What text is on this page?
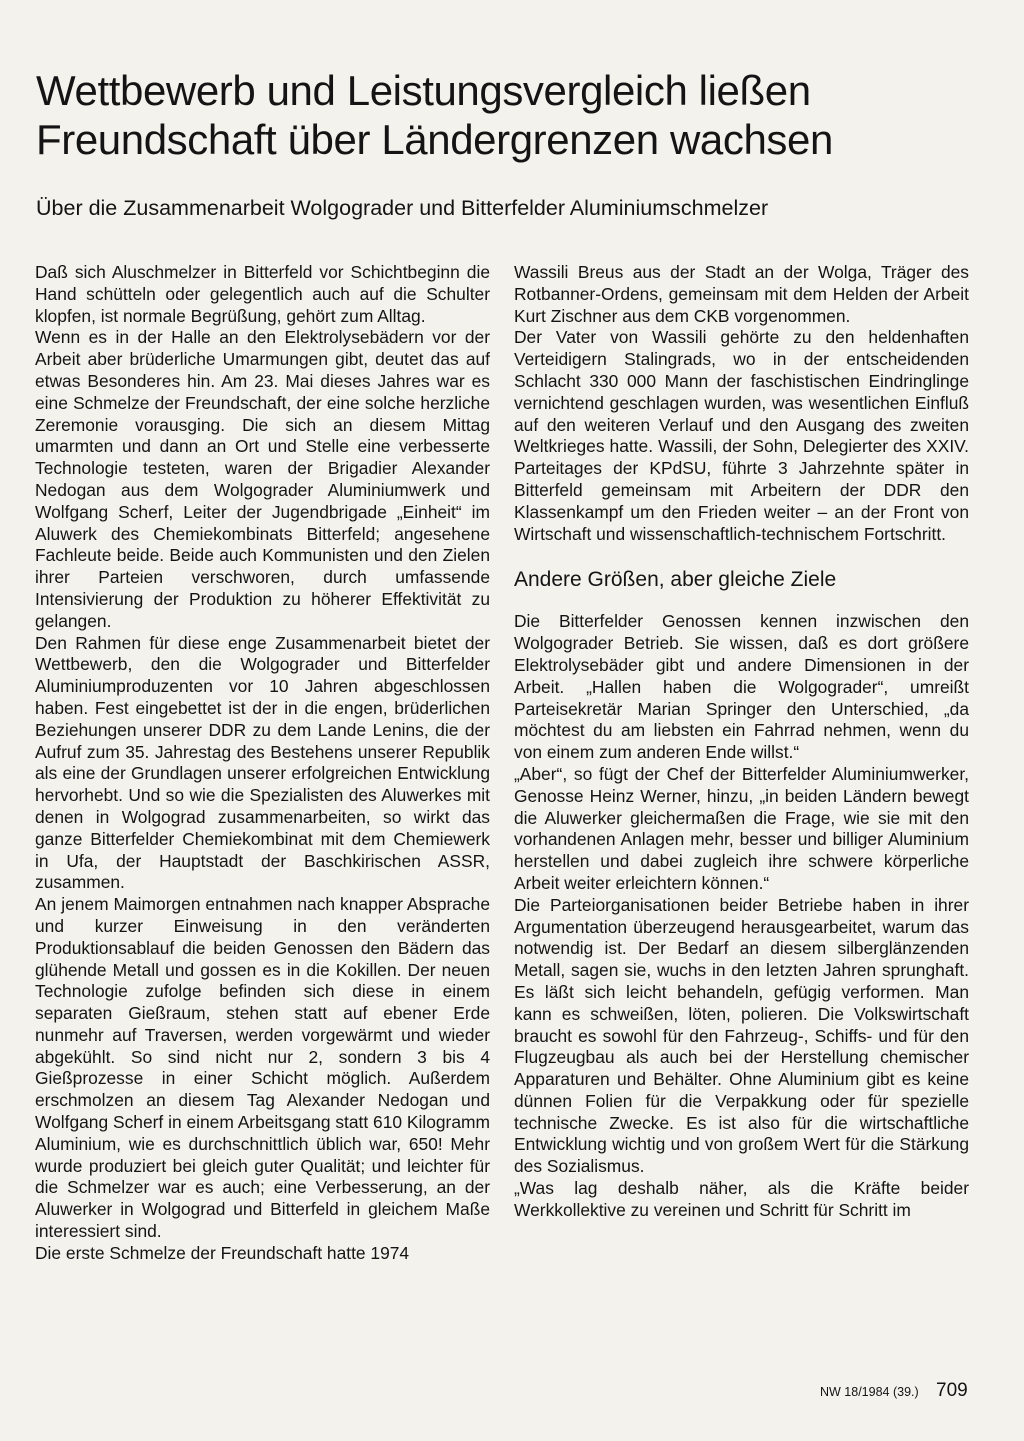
Wettbewerb und Leistungsvergleich ließen
Freundschaft über Ländergrenzen wachsen
Über die Zusammenarbeit Wolgograder und Bitterfelder Aluminiumschmelzer

Daß sich Aluschmelzer in Bitterfeld vor Schichtbeginn die Hand schütteln oder gelegentlich auch auf die Schulter klopfen, ist normale Begrüßung, gehört zum Alltag.

Wenn es in der Halle an den Elektrolysebädern vor der Arbeit aber brüderliche Umarmungen gibt, deutet das auf etwas Besonderes hin. Am 23. Mai dieses Jahres war es eine Schmelze der Freundschaft, der eine solche herzliche Zeremonie vorausging. Die sich an diesem Mittag umarmten und dann an Ort und Stelle eine verbesserte Technologie testeten, waren der Brigadier Alexander Nedogan aus dem Wolgograder Aluminiumwerk und Wolfgang Scherf, Leiter der Jugendbrigade „Einheit“ im Aluwerk des Chemiekombinats Bitterfeld; angesehene Fachleute beide. Beide auch Kommunisten und den Zielen ihrer Parteien verschworen, durch umfassende Intensivierung der Produktion zu höherer Effektivität zu gelangen.

Den Rahmen für diese enge Zusammenarbeit bietet der Wettbewerb, den die Wolgograder und Bitterfelder Aluminiumproduzenten vor 10 Jahren abgeschlossen haben. Fest eingebettet ist der in die engen, brüderlichen Beziehungen unserer DDR zu dem Lande Lenins, die der Aufruf zum 35. Jahrestag des Bestehens unserer Republik als eine der Grundlagen unserer erfolgreichen Entwicklung hervorhebt. Und so wie die Spezialisten des Aluwerkes mit denen in Wolgograd zusammenarbeiten, so wirkt das ganze Bitterfelder Chemiekombinat mit dem Chemiewerk in Ufa, der Hauptstadt der Baschkirischen ASSR, zusammen.

An jenem Maimorgen entnahmen nach knapper Absprache und kurzer Einweisung in den veränderten Produktionsablauf die beiden Genossen den Bädern das glühende Metall und gossen es in die Kokillen. Der neuen Technologie zufolge befinden sich diese in einem separaten Gießraum, stehen statt auf ebener Erde nunmehr auf Traversen, werden vorgewärmt und wieder abgekühlt. So sind nicht nur 2, sondern 3 bis 4 Gießprozesse in einer Schicht möglich. Außerdem erschmolzen an diesem Tag Alexander Nedogan und Wolfgang Scherf in einem Arbeitsgang statt 610 Kilogramm Aluminium, wie es durchschnittlich üblich war, 650! Mehr wurde produziert bei gleich guter Qualität; und leichter für die Schmelzer war es auch; eine Verbesserung, an der Aluwerker in Wolgograd und Bitterfeld in gleichem Maße interessiert sind.

Die erste Schmelze der Freundschaft hatte 1974

Wassili Breus aus der Stadt an der Wolga, Träger des Rotbanner-Ordens, gemeinsam mit dem Helden der Arbeit Kurt Zischner aus dem CKB vorgenommen.

Der Vater von Wassili gehörte zu den heldenhaften Verteidigern Stalingrads, wo in der entscheidenden Schlacht 330 000 Mann der faschistischen Eindringlinge vernichtend geschlagen wurden, was wesentlichen Einfluß auf den weiteren Verlauf und den Ausgang des zweiten Weltkrieges hatte. Wassili, der Sohn, Delegierter des XXIV. Parteitages der KPdSU, führte 3 Jahrzehnte später in Bitterfeld gemeinsam mit Arbeitern der DDR den Klassenkampf um den Frieden weiter – an der Front von Wirtschaft und wissenschaftlich-technischem Fortschritt.

Andere Größen, aber gleiche Ziele

Die Bitterfelder Genossen kennen inzwischen den Wolgograder Betrieb. Sie wissen, daß es dort größere Elektrolysebäder gibt und andere Dimensionen in der Arbeit. „Hallen haben die Wolgograder“, umreißt Parteisekretär Marian Springer den Unterschied, „da möchtest du am liebsten ein Fahrrad nehmen, wenn du von einem zum anderen Ende willst.“

„Aber“, so fügt der Chef der Bitterfelder Aluminiumwerker, Genosse Heinz Werner, hinzu, „in beiden Ländern bewegt die Aluwerker gleichermaßen die Frage, wie sie mit den vorhandenen Anlagen mehr, besser und billiger Aluminium herstellen und dabei zugleich ihre schwere körperliche Arbeit weiter erleichtern können.“

Die Parteiorganisationen beider Betriebe haben in ihrer Argumentation überzeugend herausgearbeitet, warum das notwendig ist. Der Bedarf an diesem silberglänzenden Metall, sagen sie, wuchs in den letzten Jahren sprunghaft. Es läßt sich leicht behandeln, gefügig verformen. Man kann es schweißen, löten, polieren. Die Volkswirtschaft braucht es sowohl für den Fahrzeug-, Schiffs- und für den Flugzeugbau als auch bei der Herstellung chemischer Apparaturen und Behälter. Ohne Aluminium gibt es keine dünnen Folien für die Verpakkung oder für spezielle technische Zwecke. Es ist also für die wirtschaftliche Entwicklung wichtig und von großem Wert für die Stärkung des Sozialismus.

„Was lag deshalb näher, als die Kräfte beider Werkkollektive zu vereinen und Schritt für Schritt im

NW 18/1984 (39.) 709
